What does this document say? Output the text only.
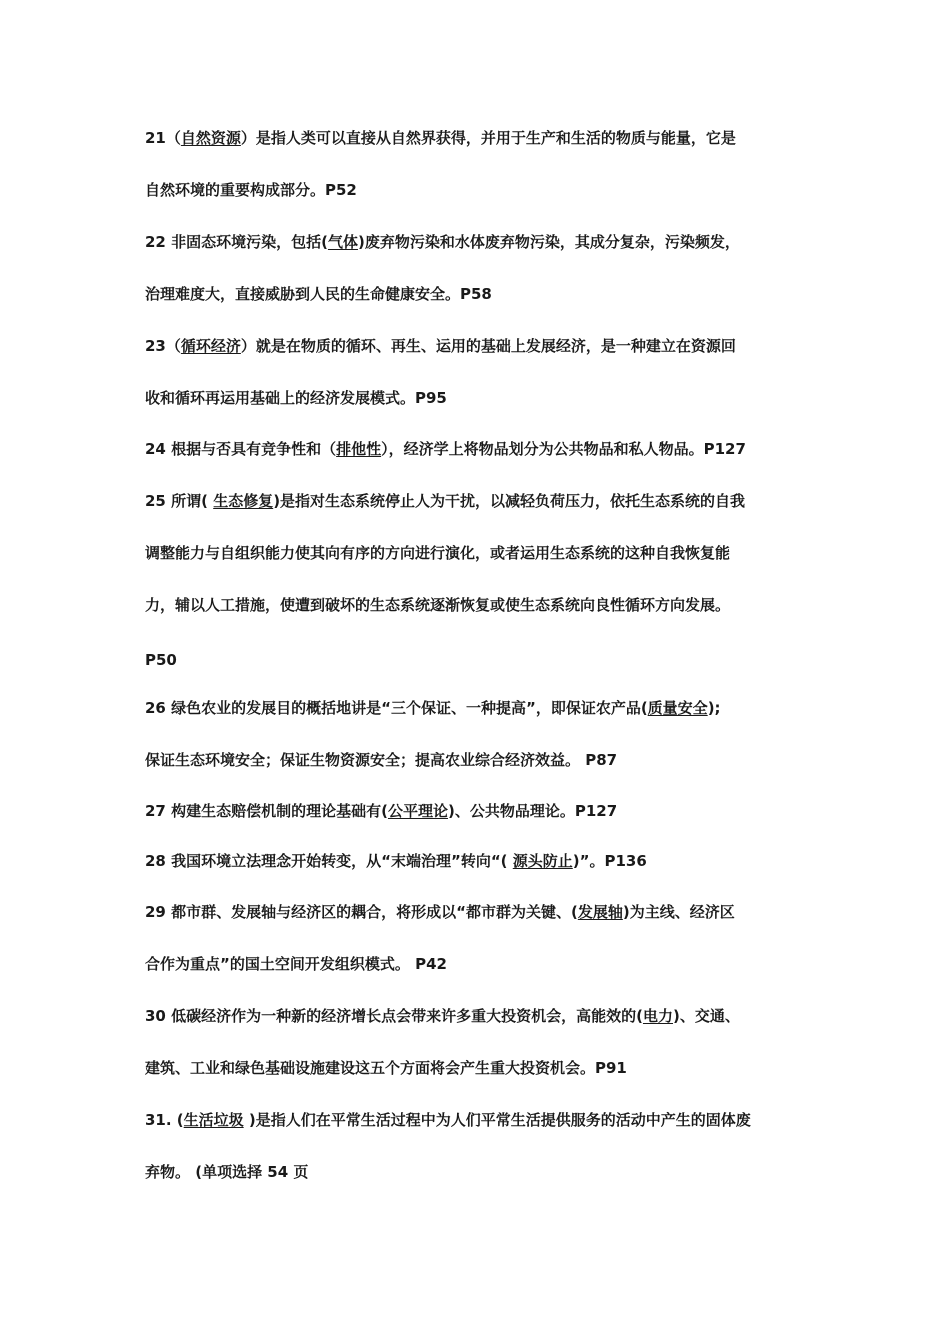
21（自然资源）是指人类可以直接从自然界获得，并用于生产和生活的物质与能量，它是
自然环境的重要构成部分。P52
22 非固态环境污染，包括(气体)废弃物污染和水体废弃物污染，其成分复杂，污染频发，
治理难度大，直接威胁到人民的生命健康安全。P58
23（循环经济）就是在物质的循环、再生、运用的基础上发展经济，是一种建立在资源回
收和循环再运用基础上的经济发展模式。P95
24 根据与否具有竞争性和（排他性），经济学上将物品划分为公共物品和私人物品。P127
25 所谓( 生态修复)是指对生态系统停止人为干扰，以减轻负荷压力，依托生态系统的自我
调整能力与自组织能力使其向有序的方向进行演化，或者运用生态系统的这种自我恢复能
力，辅以人工措施，使遭到破坏的生态系统逐渐恢复或使生态系统向良性循环方向发展。
P50
26 绿色农业的发展目的概括地讲是“三个保证、一种提高”，即保证农产品(质量安全);
保证生态环境安全；保证生物资源安全；提高农业综合经济效益。 P87
27 构建生态赔偿机制的理论基础有(公平理论)、公共物品理论。P127
28 我国环境立法理念开始转变，从“末端治理”转向“( 源头防止)”。P136
29 都市群、发展轴与经济区的耦合，将形成以“都市群为关键、(发展轴)为主线、经济区
合作为重点”的国土空间开发组织模式。 P42
30 低碳经济作为一种新的经济增长点会带来许多重大投资机会，高能效的(电力)、交通、
建筑、工业和绿色基础设施建设这五个方面将会产生重大投资机会。P91
31. (生活垃圾 )是指人们在平常生活过程中为人们平常生活提供服务的活动中产生的固体废
弃物。 (单项选择 54 页
